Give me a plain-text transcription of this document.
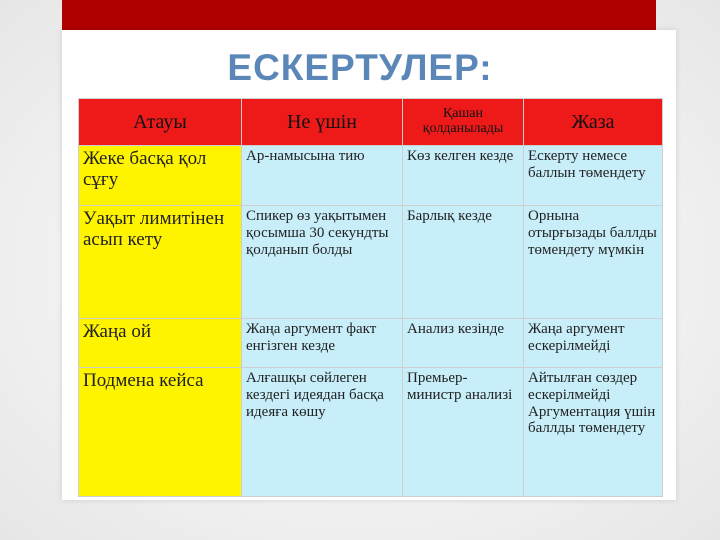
ЕСКЕРТУЛЕР:
Атауы	Не үшін	Қашан қолданылады	Жаза
Жеке басқа қол сұғу	Ар-намысына тию	Көз келген кезде	Ескерту немесе баллын төмендету
Уақыт лимитінен асып кету	Спикер өз уақытымен қосымша 30 секундты қолданып болды	Барлық кезде	Орнына отырғызады баллды төмендету мүмкін
Жаңа ой	Жаңа аргумент факт енгізген кезде	Анализ кезінде	Жаңа аргумент ескерілмейді
Подмена кейса	Алғашқы сөйлеген кездегі идеядан басқа идеяға көшу	Премьер-министр анализі	Айтылған сөздер ескерілмейді Аргументация үшін баллды төмендету
